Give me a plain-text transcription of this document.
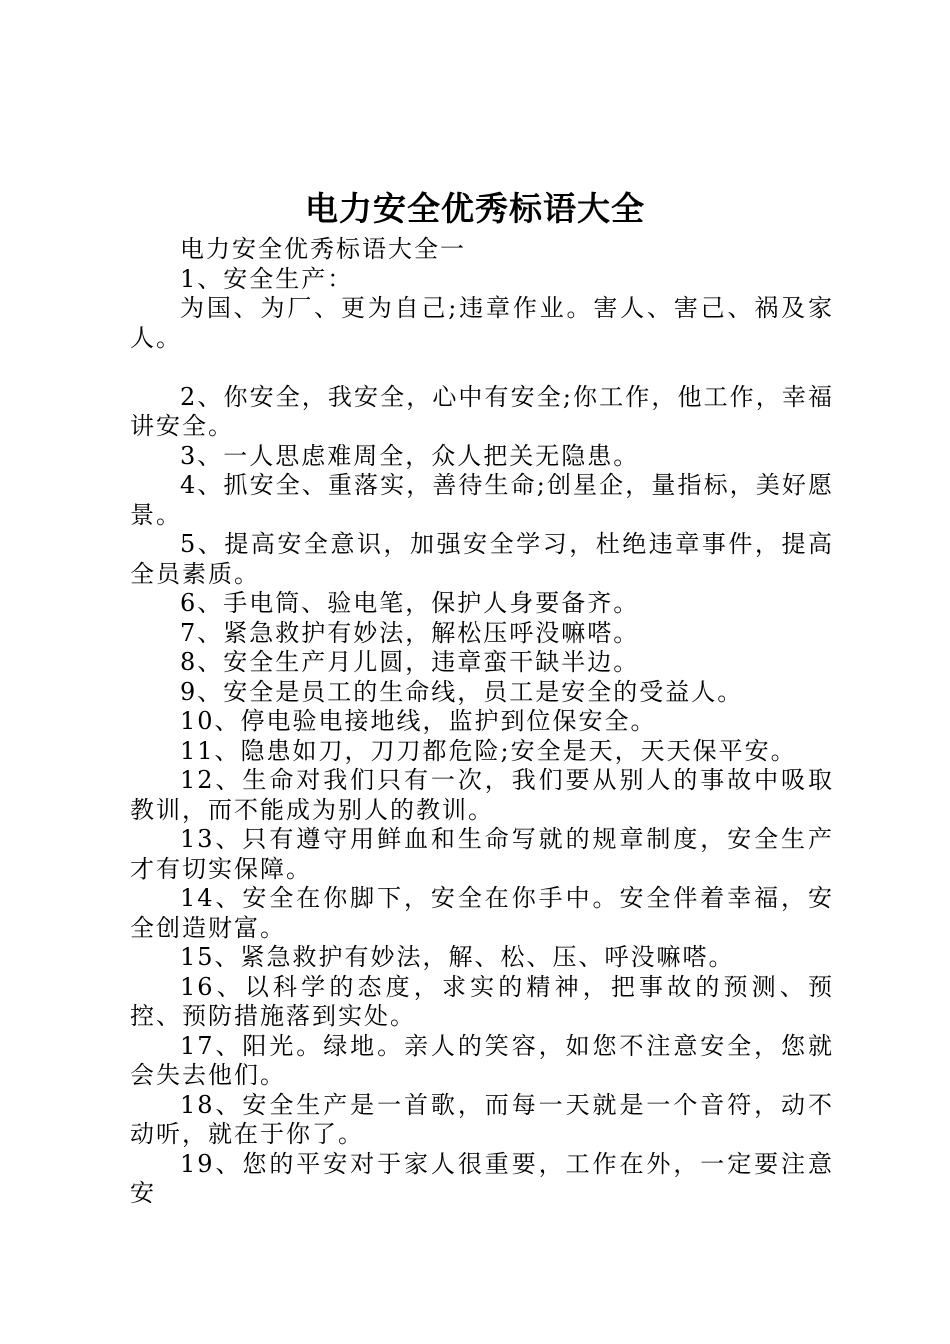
电力安全优秀标语大全

电力安全优秀标语大全一

1、安全生产：

为国、为厂、更为自己;违章作业。害人、害己、祸及家人。

2、你安全，我安全，心中有安全;你工作，他工作，幸福讲安全。

3、一人思虑难周全，众人把关无隐患。

4、抓安全、重落实，善待生命;创星企，量指标，美好愿景。

5、提高安全意识，加强安全学习，杜绝违章事件，提高全员素质。

6、手电筒、验电笔，保护人身要备齐。

7、紧急救护有妙法，解松压呼没嘛嗒。

8、安全生产月儿圆，违章蛮干缺半边。

9、安全是员工的生命线，员工是安全的受益人。

10、停电验电接地线，监护到位保安全。

11、隐患如刀，刀刀都危险;安全是天，天天保平安。

12、生命对我们只有一次，我们要从别人的事故中吸取教训，而不能成为别人的教训。

13、只有遵守用鲜血和生命写就的规章制度，安全生产才有切实保障。

14、安全在你脚下，安全在你手中。安全伴着幸福，安全创造财富。

15、紧急救护有妙法，解、松、压、呼没嘛嗒。

16、以科学的态度，求实的精神，把事故的预测、预控、预防措施落到实处。

17、阳光。绿地。亲人的笑容，如您不注意安全，您就会失去他们。

18、安全生产是一首歌，而每一天就是一个音符，动不动听，就在于你了。

19、您的平安对于家人很重要，工作在外，一定要注意安
